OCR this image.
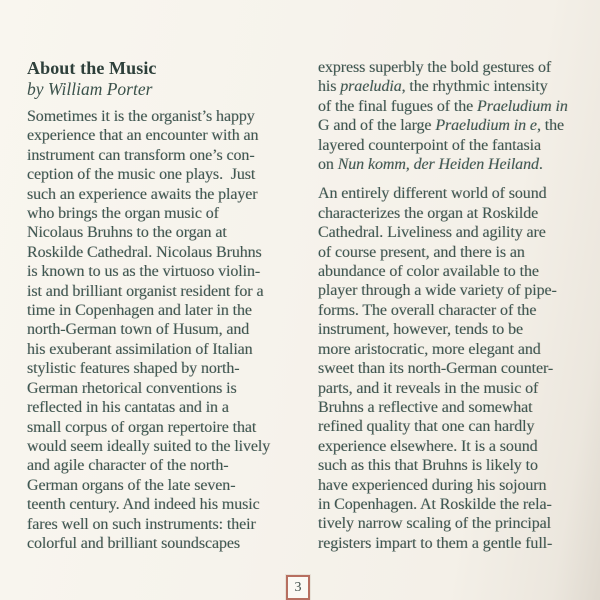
About the Music
by William Porter
Sometimes it is the organist’s happy
experience that an encounter with an
instrument can transform one’s con-
ception of the music one plays.  Just
such an experience awaits the player
who brings the organ music of
Nicolaus Bruhns to the organ at
Roskilde Cathedral. Nicolaus Bruhns
is known to us as the virtuoso violin-
ist and brilliant organist resident for a
time in Copenhagen and later in the
north-German town of Husum, and
his exuberant assimilation of Italian
stylistic features shaped by north-
German rhetorical conventions is
reflected in his cantatas and in a
small corpus of organ repertoire that
would seem ideally suited to the lively
and agile character of the north-
German organs of the late seven-
teenth century. And indeed his music
fares well on such instruments: their
colorful and brilliant soundscapes
express superbly the bold gestures of
his praeludia, the rhythmic intensity
of the final fugues of the Praeludium in
G and of the large Praeludium in e, the
layered counterpoint of the fantasia
on Nun komm, der Heiden Heiland.
An entirely different world of sound
characterizes the organ at Roskilde
Cathedral. Liveliness and agility are
of course present, and there is an
abundance of color available to the
player through a wide variety of pipe-
forms. The overall character of the
instrument, however, tends to be
more aristocratic, more elegant and
sweet than its north-German counter-
parts, and it reveals in the music of
Bruhns a reflective and somewhat
refined quality that one can hardly
experience elsewhere. It is a sound
such as this that Bruhns is likely to
have experienced during his sojourn
in Copenhagen. At Roskilde the rela-
tively narrow scaling of the principal
registers impart to them a gentle full-
3
